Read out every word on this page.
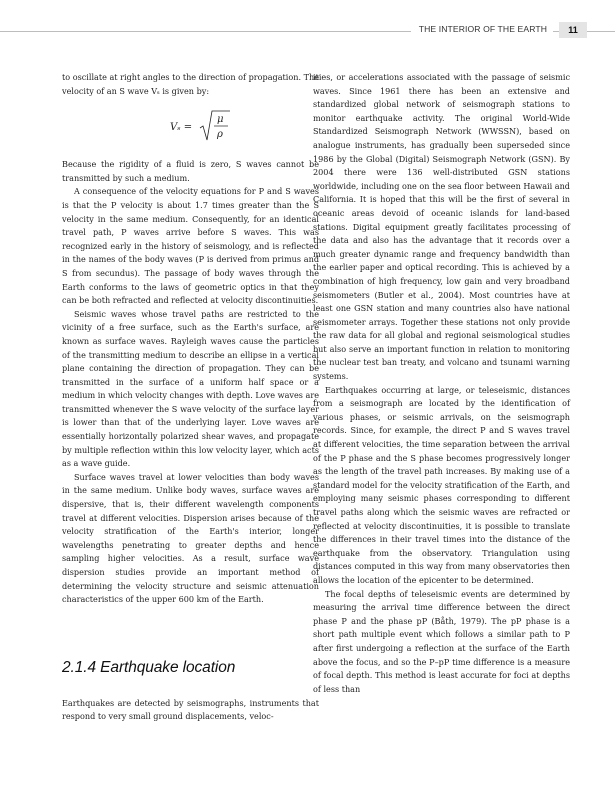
THE INTERIOR OF THE EARTH	11

to oscillate at right angles to the direction of propagation. The velocity of an S wave Vₛ is given by:

Vₛ =
μ
ρ

Because the rigidity of a fluid is zero, S waves cannot be transmitted by such a medium.

A consequence of the velocity equations for P and S waves is that the P velocity is about 1.7 times greater than the S velocity in the same medium. Consequently, for an identical travel path, P waves arrive before S waves. This was recognized early in the history of seismology, and is reflected in the names of the body waves (P is derived from primus and S from secundus). The passage of body waves through the Earth conforms to the laws of geometric optics in that they can be both refracted and reflected at velocity discontinuities.

Seismic waves whose travel paths are restricted to the vicinity of a free surface, such as the Earth's surface, are known as surface waves. Rayleigh waves cause the particles of the transmitting medium to describe an ellipse in a vertical plane containing the direction of propagation. They can be transmitted in the surface of a uniform half space or a medium in which velocity changes with depth. Love waves are transmitted whenever the S wave velocity of the surface layer is lower than that of the underlying layer. Love waves are essentially horizontally polarized shear waves, and propagate by multiple reflection within this low velocity layer, which acts as a wave guide.

Surface waves travel at lower velocities than body waves in the same medium. Unlike body waves, surface waves are dispersive, that is, their different wavelength components travel at different velocities. Dispersion arises because of the velocity stratification of the Earth's interior, longer wavelengths penetrating to greater depths and hence sampling higher velocities. As a result, surface wave dispersion studies provide an important method of determining the velocity structure and seismic attenuation characteristics of the upper 600 km of the Earth.

2.1.4 Earthquake location

Earthquakes are detected by seismographs, instruments that respond to very small ground displacements, veloc-

ities, or accelerations associated with the passage of seismic waves. Since 1961 there has been an extensive and standardized global network of seismograph stations to monitor earthquake activity. The original World-Wide Standardized Seismograph Network (WWSSN), based on analogue instruments, has gradually been superseded since 1986 by the Global (Digital) Seismograph Network (GSN). By 2004 there were 136 well-distributed GSN stations worldwide, including one on the sea floor between Hawaii and California. It is hoped that this will be the first of several in oceanic areas devoid of oceanic islands for land-based stations. Digital equipment greatly facilitates processing of the data and also has the advantage that it records over a much greater dynamic range and frequency bandwidth than the earlier paper and optical recording. This is achieved by a combination of high frequency, low gain and very broadband seismometers (Butler et al., 2004). Most countries have at least one GSN station and many countries also have national seismometer arrays. Together these stations not only provide the raw data for all global and regional seismological studies but also serve an important function in relation to monitoring the nuclear test ban treaty, and volcano and tsunami warning systems.

Earthquakes occurring at large, or teleseismic, distances from a seismograph are located by the identification of various phases, or seismic arrivals, on the seismograph records. Since, for example, the direct P and S waves travel at different velocities, the time separation between the arrival of the P phase and the S phase becomes progressively longer as the length of the travel path increases. By making use of a standard model for the velocity stratification of the Earth, and employing many seismic phases corresponding to different travel paths along which the seismic waves are refracted or reflected at velocity discontinuities, it is possible to translate the differences in their travel times into the distance of the earthquake from the observatory. Triangulation using distances computed in this way from many observatories then allows the location of the epicenter to be determined.

The focal depths of teleseismic events are determined by measuring the arrival time difference between the direct phase P and the phase pP (Båth, 1979). The pP phase is a short path multiple event which follows a similar path to P after first undergoing a reflection at the surface of the Earth above the focus, and so the P–pP time difference is a measure of focal depth. This method is least accurate for foci at depths of less than
